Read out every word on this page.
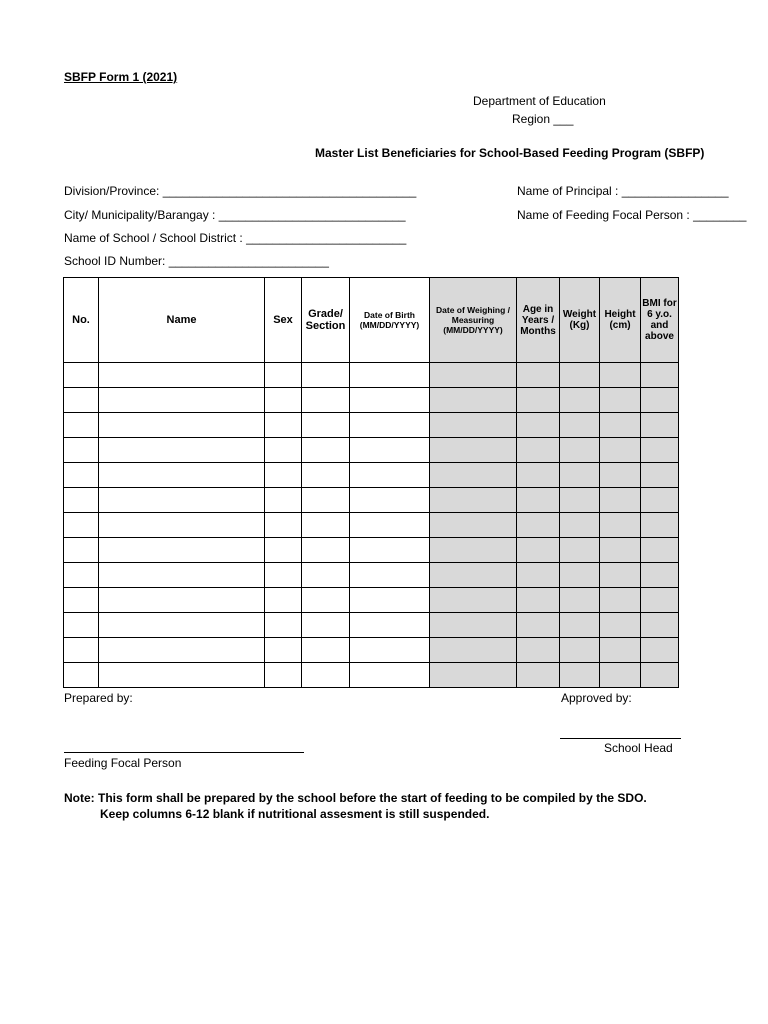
SBFP Form 1 (2021)
Department of Education
Region ___
Master List Beneficiaries for School-Based Feeding Program (SBFP)
Division/Province: ______________________________________
City/ Municipality/Barangay : ____________________________
Name of School / School District : ________________________
School ID Number: ________________________
Name of Principal : ________________
Name of Feeding Focal Person : ________
No.	Name	Sex	Grade/ Section	Date of Birth (MM/DD/YYYY)	Date of Weighing / Measuring (MM/DD/YYYY)	Age in Years / Months	Weight (Kg)	Height (cm)	BMI for 6 y.o. and above

Prepared by:	Approved by:
Feeding Focal Person
School Head
Note: This form shall be prepared by the school before the start of feeding to be compiled by the SDO.
Keep columns 6-12 blank if nutritional assesment is still suspended.
